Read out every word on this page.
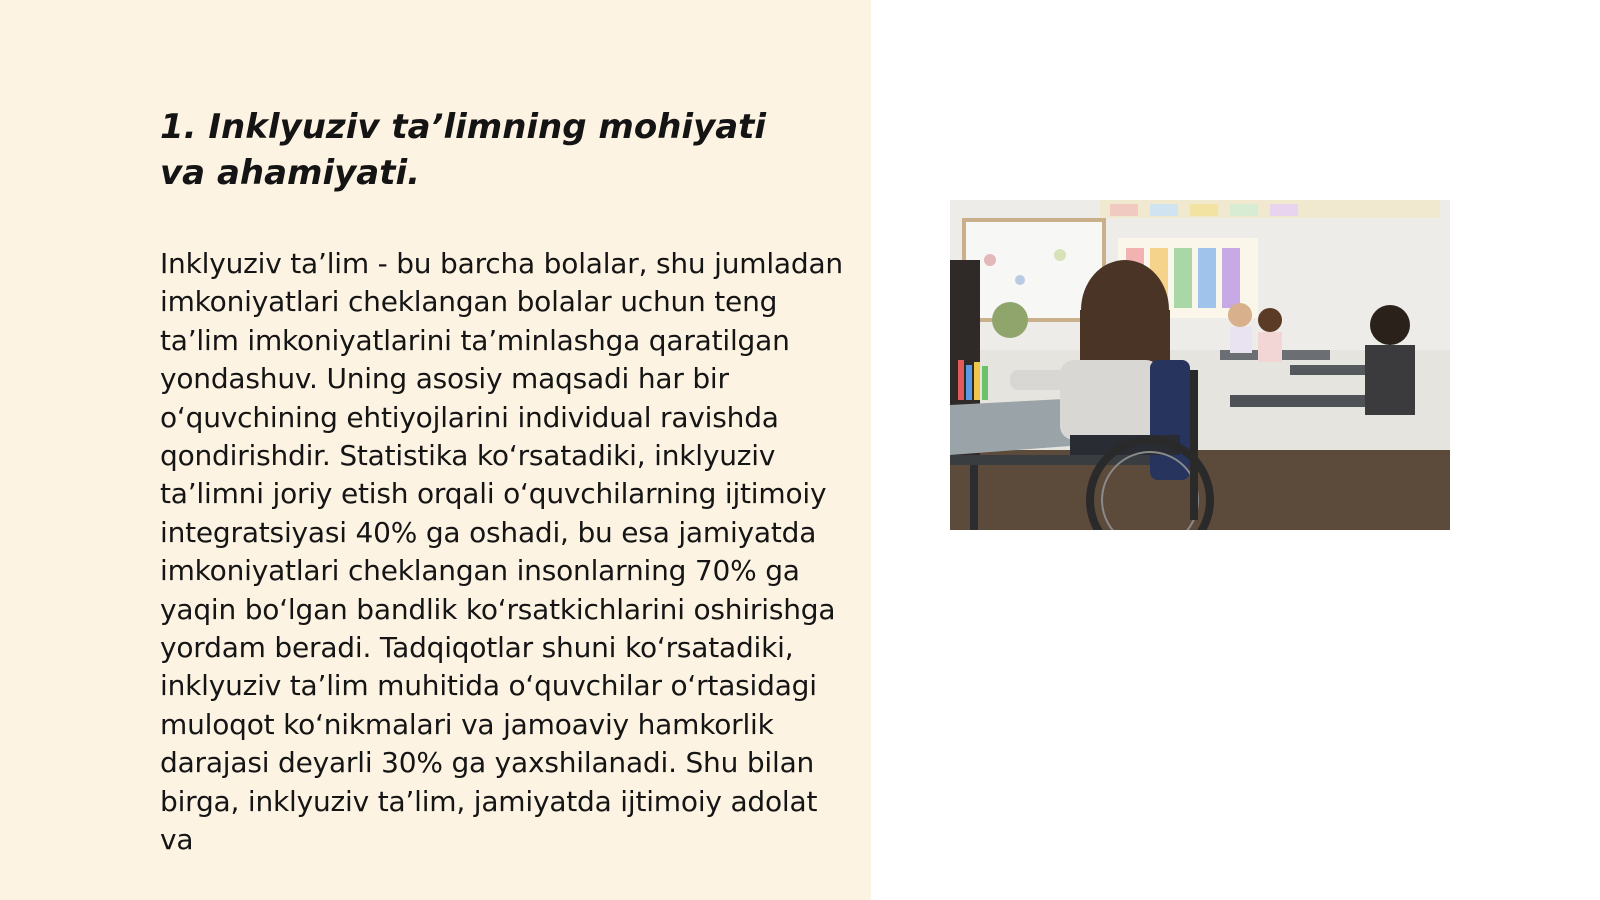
1. Inklyuziv ta’limning mohiyati va ahamiyati.

Inklyuziv ta’lim - bu barcha bolalar, shu jumladan imkoniyatlari cheklangan bolalar uchun teng ta’lim imkoniyatlarini ta’minlashga qaratilgan yondashuv. Uning asosiy maqsadi har bir o‘quvchining ehtiyojlarini individual ravishda qondirishdir. Statistika ko‘rsatadiki, inklyuziv ta’limni joriy etish orqali o‘quvchilarning ijtimoiy integratsiyasi 40% ga oshadi, bu esa jamiyatda imkoniyatlari cheklangan insonlarning 70% ga yaqin bo‘lgan bandlik ko‘rsatkichlarini oshirishga yordam beradi. Tadqiqotlar shuni ko‘rsatadiki, inklyuziv ta’lim muhitida o‘quvchilar o‘rtasidagi muloqot ko‘nikmalari va jamoaviy hamkorlik darajasi deyarli 30% ga yaxshilanadi. Shu bilan birga, inklyuziv ta’lim, jamiyatda ijtimoiy adolat va
